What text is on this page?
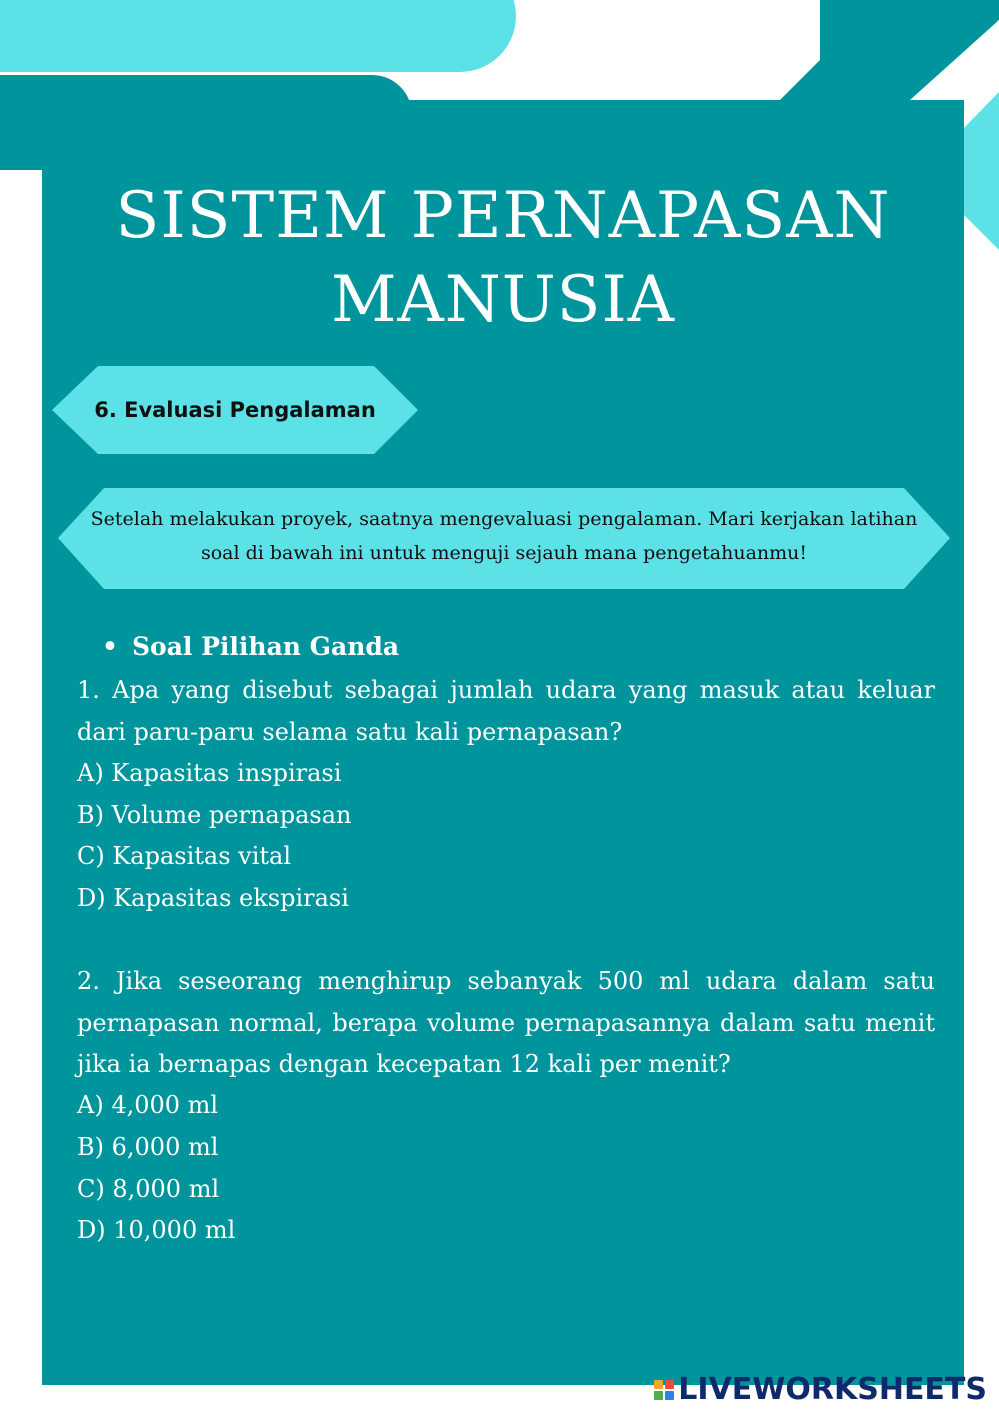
SISTEM PERNAPASAN
MANUSIA
6. Evaluasi Pengalaman
Setelah melakukan proyek, saatnya mengevaluasi pengalaman. Mari kerjakan latihan soal di bawah ini untuk menguji sejauh mana pengetahuanmu!
• Soal Pilihan Ganda
1. Apa yang disebut sebagai jumlah udara yang masuk atau keluar dari paru-paru selama satu kali pernapasan?
A) Kapasitas inspirasi
B) Volume pernapasan
C) Kapasitas vital
D) Kapasitas ekspirasi
2. Jika seseorang menghirup sebanyak 500 ml udara dalam satu pernapasan normal, berapa volume pernapasannya dalam satu menit jika ia bernapas dengan kecepatan 12 kali per menit?
A) 4,000 ml
B) 6,000 ml
C) 8,000 ml
D) 10,000 ml
LIVEWORKSHEETS
